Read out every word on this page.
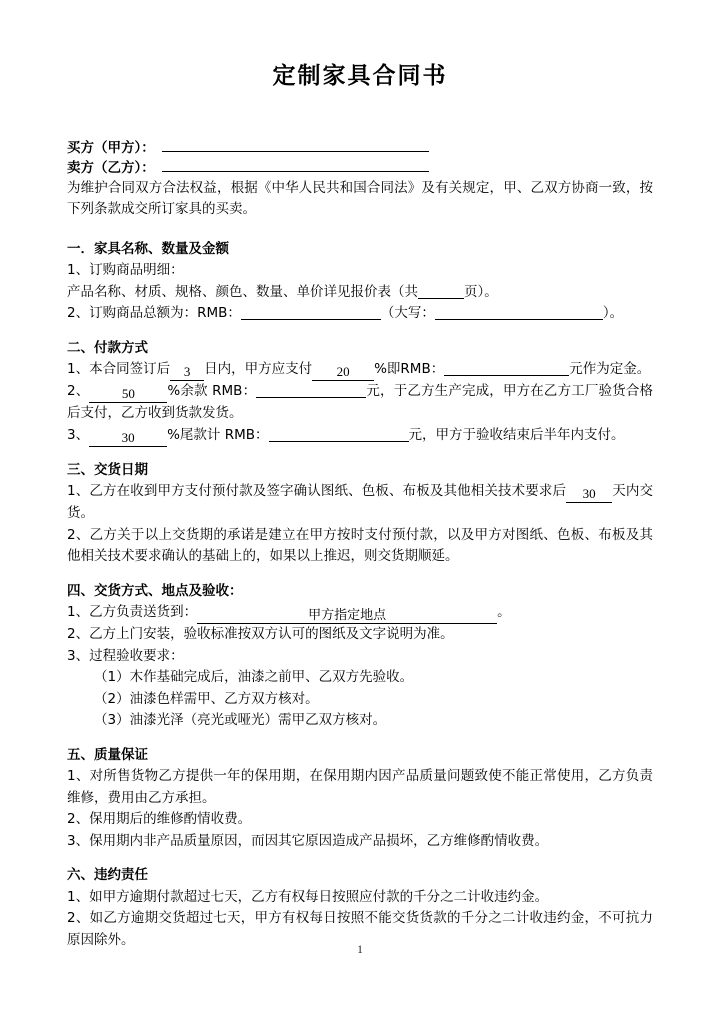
定制家具合同书
买方（甲方）：
卖方（乙方）：

为维护合同双方合法权益，根据《中华人民共和国合同法》及有关规定，甲、乙双方协商一致，按下列条款成交所订家具的买卖。

一．家具名称、数量及金额

1、订购商品明细：

产品名称、材质、规格、颜色、数量、单价详见报价表（共	页）。

2、订购商品总额为：RMB：	（大写：	）。

二、付款方式

1、本合同签订后 3 日内，甲方应支付 20 %即RMB：	元作为定金。

2、	50 %余款 RMB：	元，于乙方生产完成，甲方在乙方工厂验货合格后支付，乙方收到货款发货。

3、	30 %尾款计 RMB：	元，甲方于验收结束后半年内支付。

三、交货日期

1、乙方在收到甲方支付预付款及签字确认图纸、色板、布板及其他相关技术要求后 30 天内交货。

2、乙方关于以上交货期的承诺是建立在甲方按时支付预付款，以及甲方对图纸、色板、布板及其他相关技术要求确认的基础上的，如果以上推迟，则交货期顺延。

四、交货方式、地点及验收：

1、乙方负责送货到：	甲方指定地点	。

2、乙方上门安装，验收标准按双方认可的图纸及文字说明为准。

3、过程验收要求：

（1）木作基础完成后，油漆之前甲、乙双方先验收。

（2）油漆色样需甲、乙方双方核对。

（3）油漆光泽（亮光或哑光）需甲乙双方核对。

五、质量保证

1、对所售货物乙方提供一年的保用期，在保用期内因产品质量问题致使不能正常使用，乙方负责维修，费用由乙方承担。

2、保用期后的维修酌情收费。

3、保用期内非产品质量原因，而因其它原因造成产品损坏，乙方维修酌情收费。

六、违约责任

1、如甲方逾期付款超过七天，乙方有权每日按照应付款的千分之二计收违约金。

2、如乙方逾期交货超过七天，甲方有权每日按照不能交货货款的千分之二计收违约金，不可抗力原因除外。

1
